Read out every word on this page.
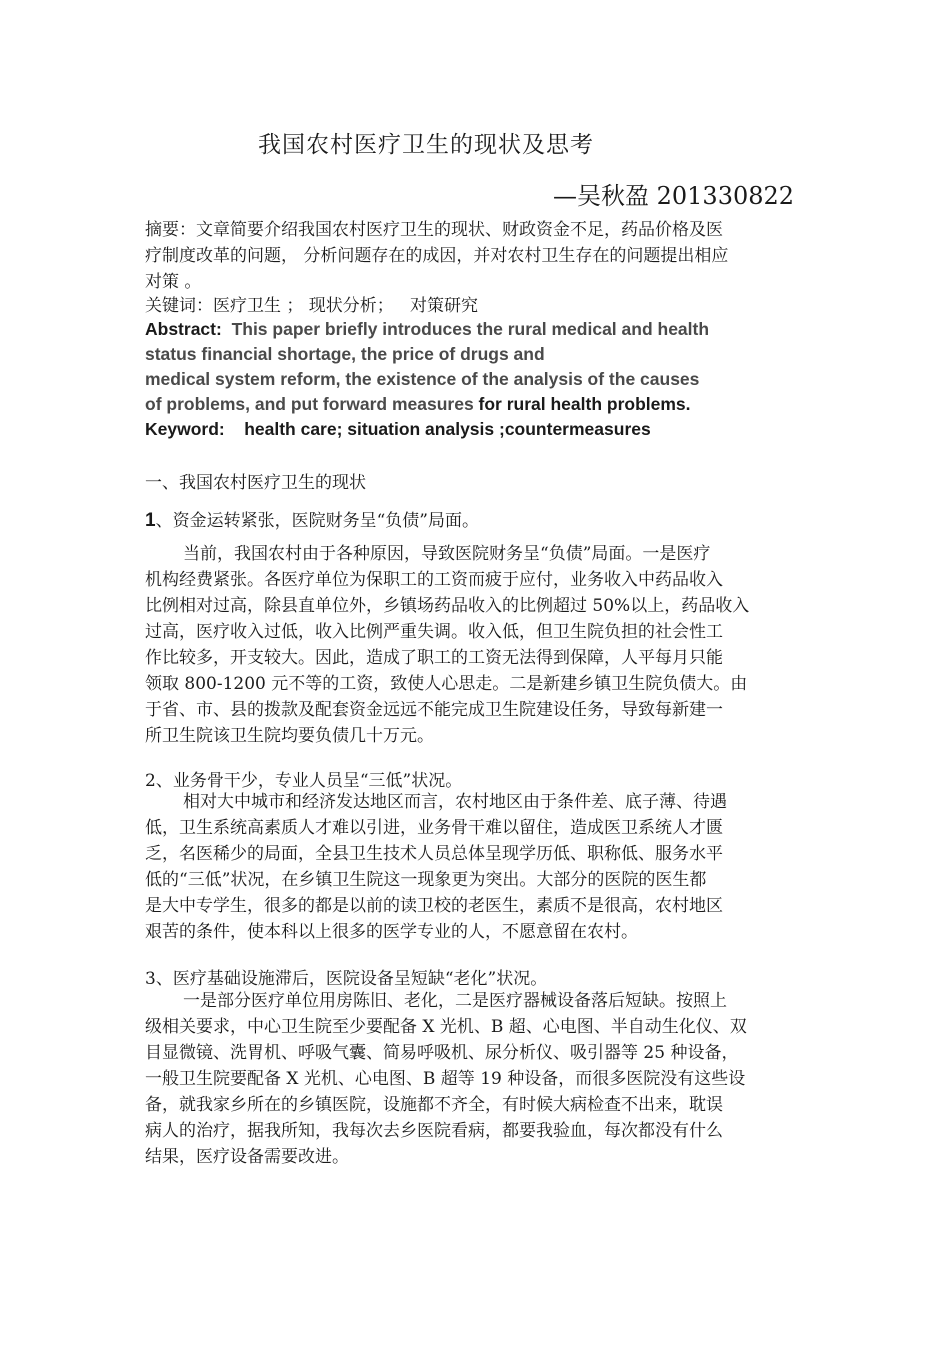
我国农村医疗卫生的现状及思考
—吴秋盈 201330822

摘要：文章简要介绍我国农村医疗卫生的现状、财政资金不足，药品价格及医

疗制度改革的问题， 分析问题存在的成因，并对农村卫生存在的问题提出相应

对策 。

关键词：医疗卫生 ； 现状分析；   对策研究
Abstract: This paper briefly introduces the rural medical and health
status financial shortage, the price of drugs and
medical system reform, the existence of the analysis of the causes
of problems, and put forward measures for rural health problems.
Keyword: health care; situation analysis ;countermeasures
一、我国农村医疗卫生的现状
1、资金运转紧张，医院财务呈“负债”局面。
当前，我国农村由于各种原因，导致医院财务呈“负债”局面。一是医疗
机构经费紧张。各医疗单位为保职工的工资而疲于应付，业务收入中药品收入
比例相对过高，除县直单位外，乡镇场药品收入的比例超过 50%以上，药品收入
过高，医疗收入过低，收入比例严重失调。收入低，但卫生院负担的社会性工
作比较多，开支较大。因此，造成了职工的工资无法得到保障，人平每月只能
领取 800-1200 元不等的工资，致使人心思走。二是新建乡镇卫生院负债大。由
于省、市、县的拨款及配套资金远远不能完成卫生院建设任务，导致每新建一
所卫生院该卫生院均要负债几十万元。
2、业务骨干少，专业人员呈“三低”状况。
相对大中城市和经济发达地区而言，农村地区由于条件差、底子薄、待遇
低，卫生系统高素质人才难以引进，业务骨干难以留住，造成医卫系统人才匮
乏，名医稀少的局面，全县卫生技术人员总体呈现学历低、职称低、服务水平
低的“三低”状况，在乡镇卫生院这一现象更为突出。大部分的医院的医生都
是大中专学生，很多的都是以前的读卫校的老医生，素质不是很高，农村地区
艰苦的条件，使本科以上很多的医学专业的人，不愿意留在农村。
3、医疗基础设施滞后，医院设备呈短缺“老化”状况。
一是部分医疗单位用房陈旧、老化，二是医疗器械设备落后短缺。按照上
级相关要求，中心卫生院至少要配备 X 光机、B 超、心电图、半自动生化仪、双
目显微镜、洗胃机、呼吸气囊、简易呼吸机、尿分析仪、吸引器等 25 种设备，
一般卫生院要配备 X 光机、心电图、B 超等 19 种设备，而很多医院没有这些设
备，就我家乡所在的乡镇医院，设施都不齐全，有时候大病检查不出来，耽误
病人的治疗，据我所知，我每次去乡医院看病，都要我验血，每次都没有什么
结果，医疗设备需要改进。
